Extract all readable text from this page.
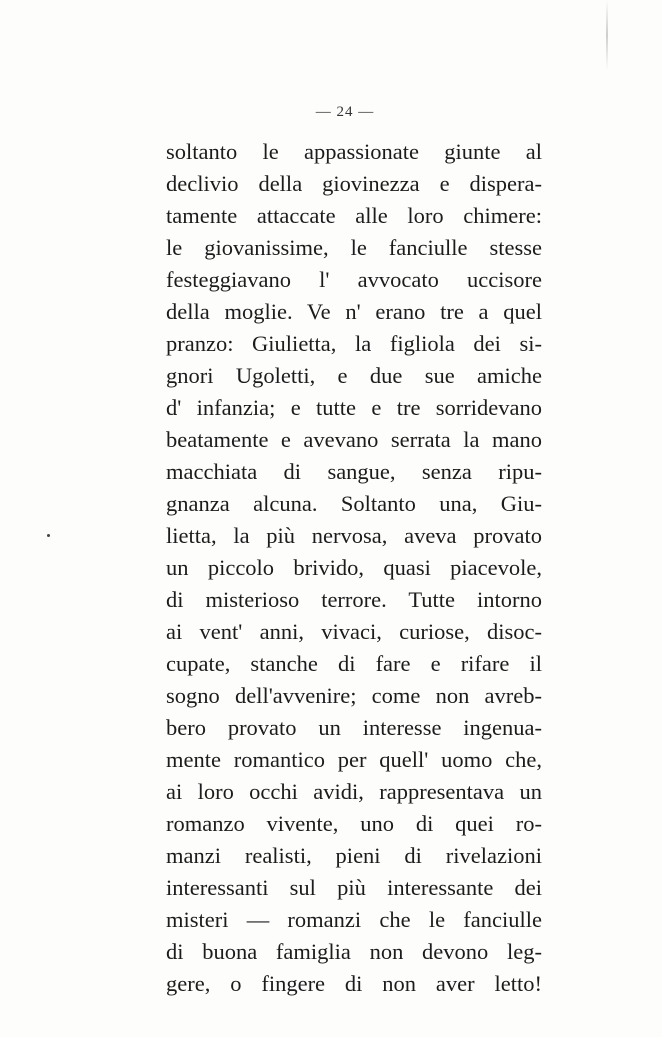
— 24 —
soltanto le appassionate giunte al
declivio della giovinezza e dispera-
tamente attaccate alle loro chimere:
le giovanissime, le fanciulle stesse
festeggiavano l' avvocato uccisore
della moglie. Ve n' erano tre a quel
pranzo: Giulietta, la figliola dei si-
gnori Ugoletti, e due sue amiche
d' infanzia; e tutte e tre sorridevano
beatamente e avevano serrata la mano
macchiata di sangue, senza ripu-
gnanza alcuna. Soltanto una, Giu-
lietta, la più nervosa, aveva provato
un piccolo brivido, quasi piacevole,
di misterioso terrore. Tutte intorno
ai vent' anni, vivaci, curiose, disoc-
cupate, stanche di fare e rifare il
sogno dell'avvenire; come non avreb-
bero provato un interesse ingenua-
mente romantico per quell' uomo che,
ai loro occhi avidi, rappresentava un
romanzo vivente, uno di quei ro-
manzi realisti, pieni di rivelazioni
interessanti sul più interessante dei
misteri — romanzi che le fanciulle
di buona famiglia non devono leg-
gere, o fingere di non aver letto!
